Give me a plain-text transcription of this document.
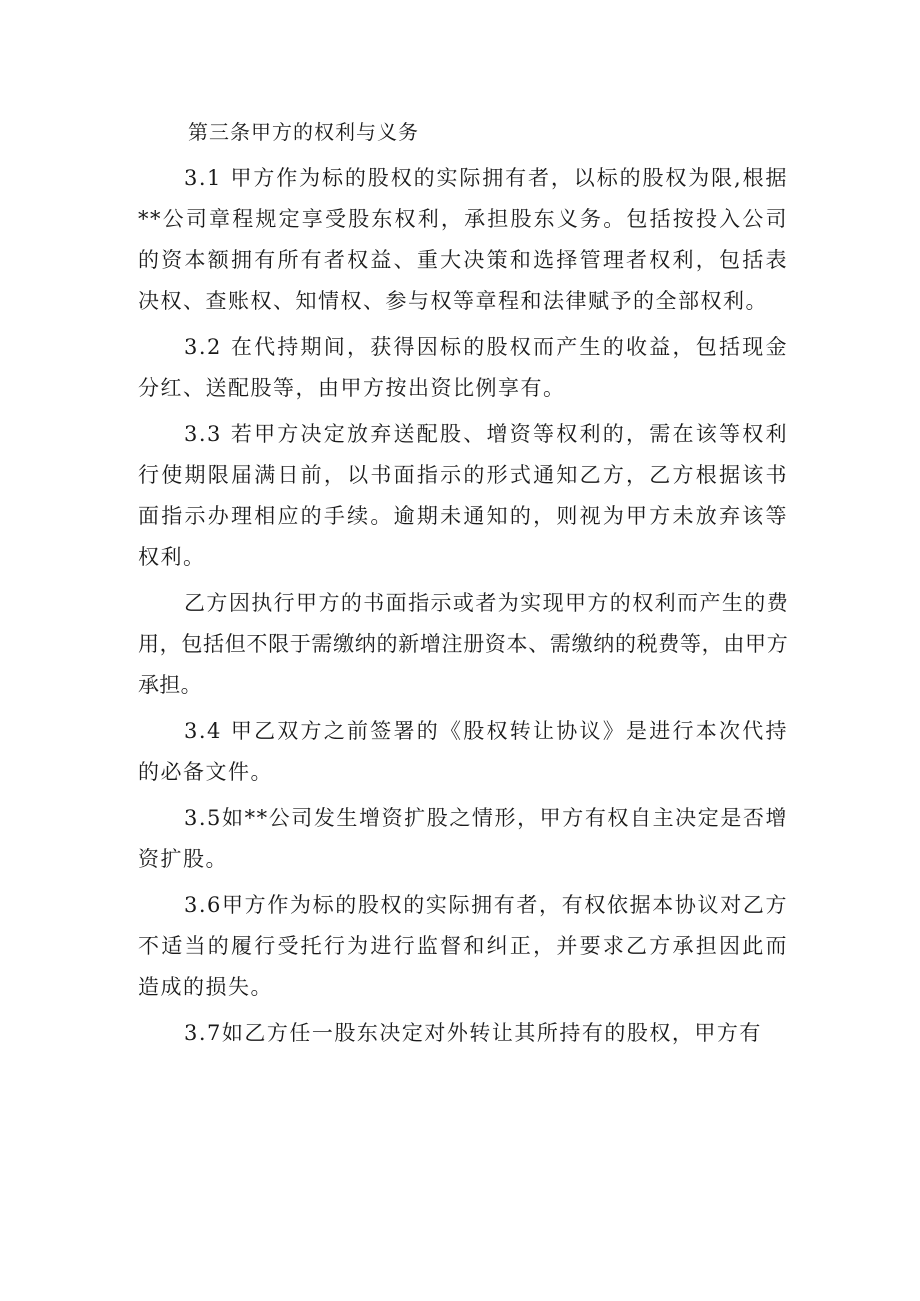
第三条甲方的权利与义务

3.1 甲方作为标的股权的实际拥有者，以标的股权为限,根据**公司章程规定享受股东权利，承担股东义务。包括按投入公司的资本额拥有所有者权益、重大决策和选择管理者权利，包括表决权、查账权、知情权、参与权等章程和法律赋予的全部权利。

3.2 在代持期间，获得因标的股权而产生的收益，包括现金分红、送配股等，由甲方按出资比例享有。

3.3 若甲方决定放弃送配股、增资等权利的，需在该等权利行使期限届满日前，以书面指示的形式通知乙方，乙方根据该书面指示办理相应的手续。逾期未通知的，则视为甲方未放弃该等权利。

乙方因执行甲方的书面指示或者为实现甲方的权利而产生的费用，包括但不限于需缴纳的新增注册资本、需缴纳的税费等，由甲方承担。

3.4 甲乙双方之前签署的《股权转让协议》是进行本次代持的必备文件。

3.5如**公司发生增资扩股之情形，甲方有权自主决定是否增资扩股。

3.6甲方作为标的股权的实际拥有者，有权依据本协议对乙方不适当的履行受托行为进行监督和纠正，并要求乙方承担因此而造成的损失。

3.7如乙方任一股东决定对外转让其所持有的股权，甲方有
